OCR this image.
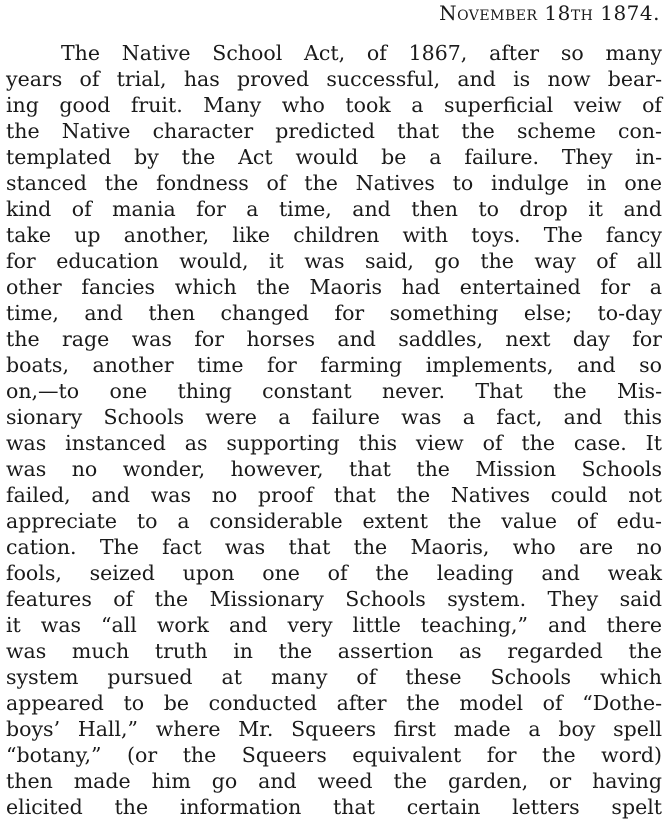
November 18th 1874.
The Native School Act, of 1867, after so many
years of trial, has proved successful, and is now bear-
ing good fruit. Many who took a superficial veiw of
the Native character predicted that the scheme con-
templated by the Act would be a failure. They in-
stanced the fondness of the Natives to indulge in one
kind of mania for a time, and then to drop it and
take up another, like children with toys. The fancy
for education would, it was said, go the way of all
other fancies which the Maoris had entertained for a
time, and then changed for something else; to-day
the rage was for horses and saddles, next day for
boats, another time for farming implements, and so
on,—to one thing constant never. That the Mis-
sionary Schools were a failure was a fact, and this
was instanced as supporting this view of the case. It
was no wonder, however, that the Mission Schools
failed, and was no proof that the Natives could not
appreciate to a considerable extent the value of edu-
cation. The fact was that the Maoris, who are no
fools, seized upon one of the leading and weak
features of the Missionary Schools system. They said
it was “all work and very little teaching,” and there
was much truth in the assertion as regarded the
system pursued at many of these Schools which
appeared to be conducted after the model of “Dothe-
boys’ Hall,” where Mr. Squeers first made a boy spell
“botany,” (or the Squeers equivalent for the word)
then made him go and weed the garden, or having
elicited the information that certain letters spelt
